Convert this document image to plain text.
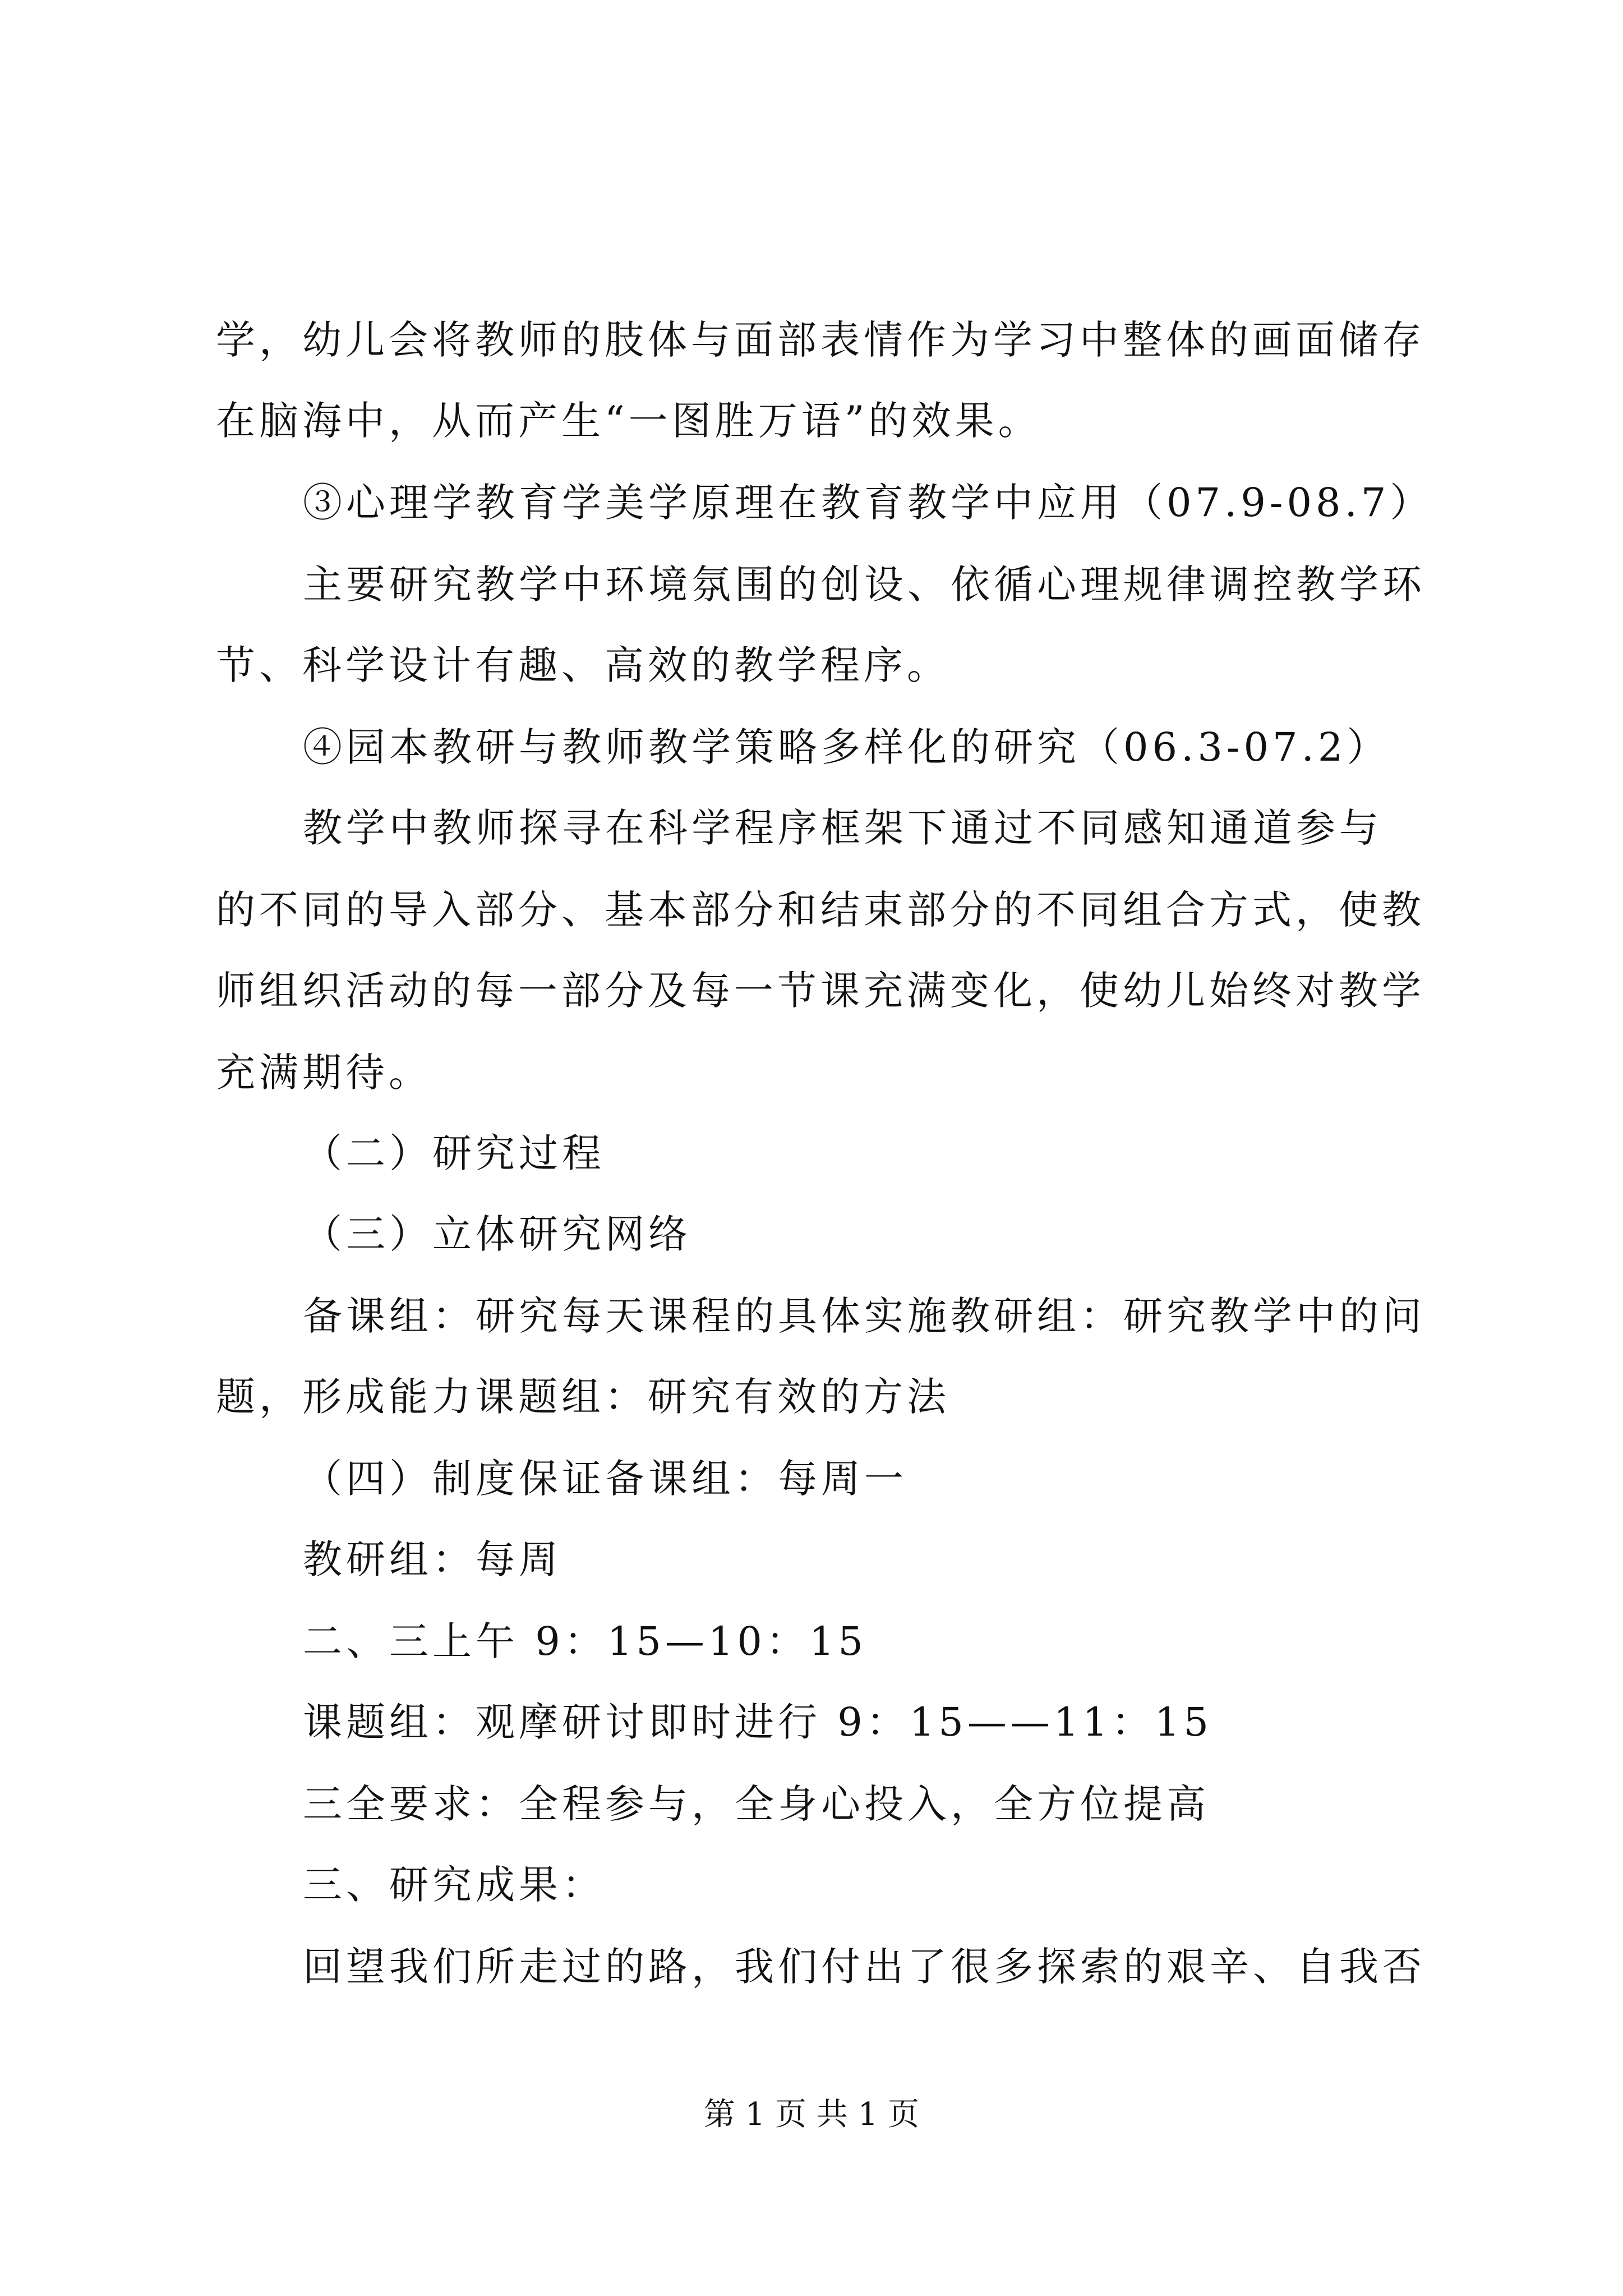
学，幼儿会将教师的肢体与面部表情作为学习中整体的画面储存
在脑海中，从而产生“一图胜万语”的效果。
③心理学教育学美学原理在教育教学中应用（07.9-08.7）
主要研究教学中环境氛围的创设、依循心理规律调控教学环
节、科学设计有趣、高效的教学程序。
④园本教研与教师教学策略多样化的研究（06.3-07.2）
教学中教师探寻在科学程序框架下通过不同感知通道参与
的不同的导入部分、基本部分和结束部分的不同组合方式，使教
师组织活动的每一部分及每一节课充满变化，使幼儿始终对教学
充满期待。
（二）研究过程
（三）立体研究网络
备课组：研究每天课程的具体实施教研组：研究教学中的问
题，形成能力课题组：研究有效的方法
（四）制度保证备课组：每周一
教研组：每周
二、三上午 9：15—10：15
课题组：观摩研讨即时进行 9：15——11：15
三全要求：全程参与，全身心投入，全方位提高
三、研究成果：
回望我们所走过的路，我们付出了很多探索的艰辛、自我否
第 1 页 共 1 页
